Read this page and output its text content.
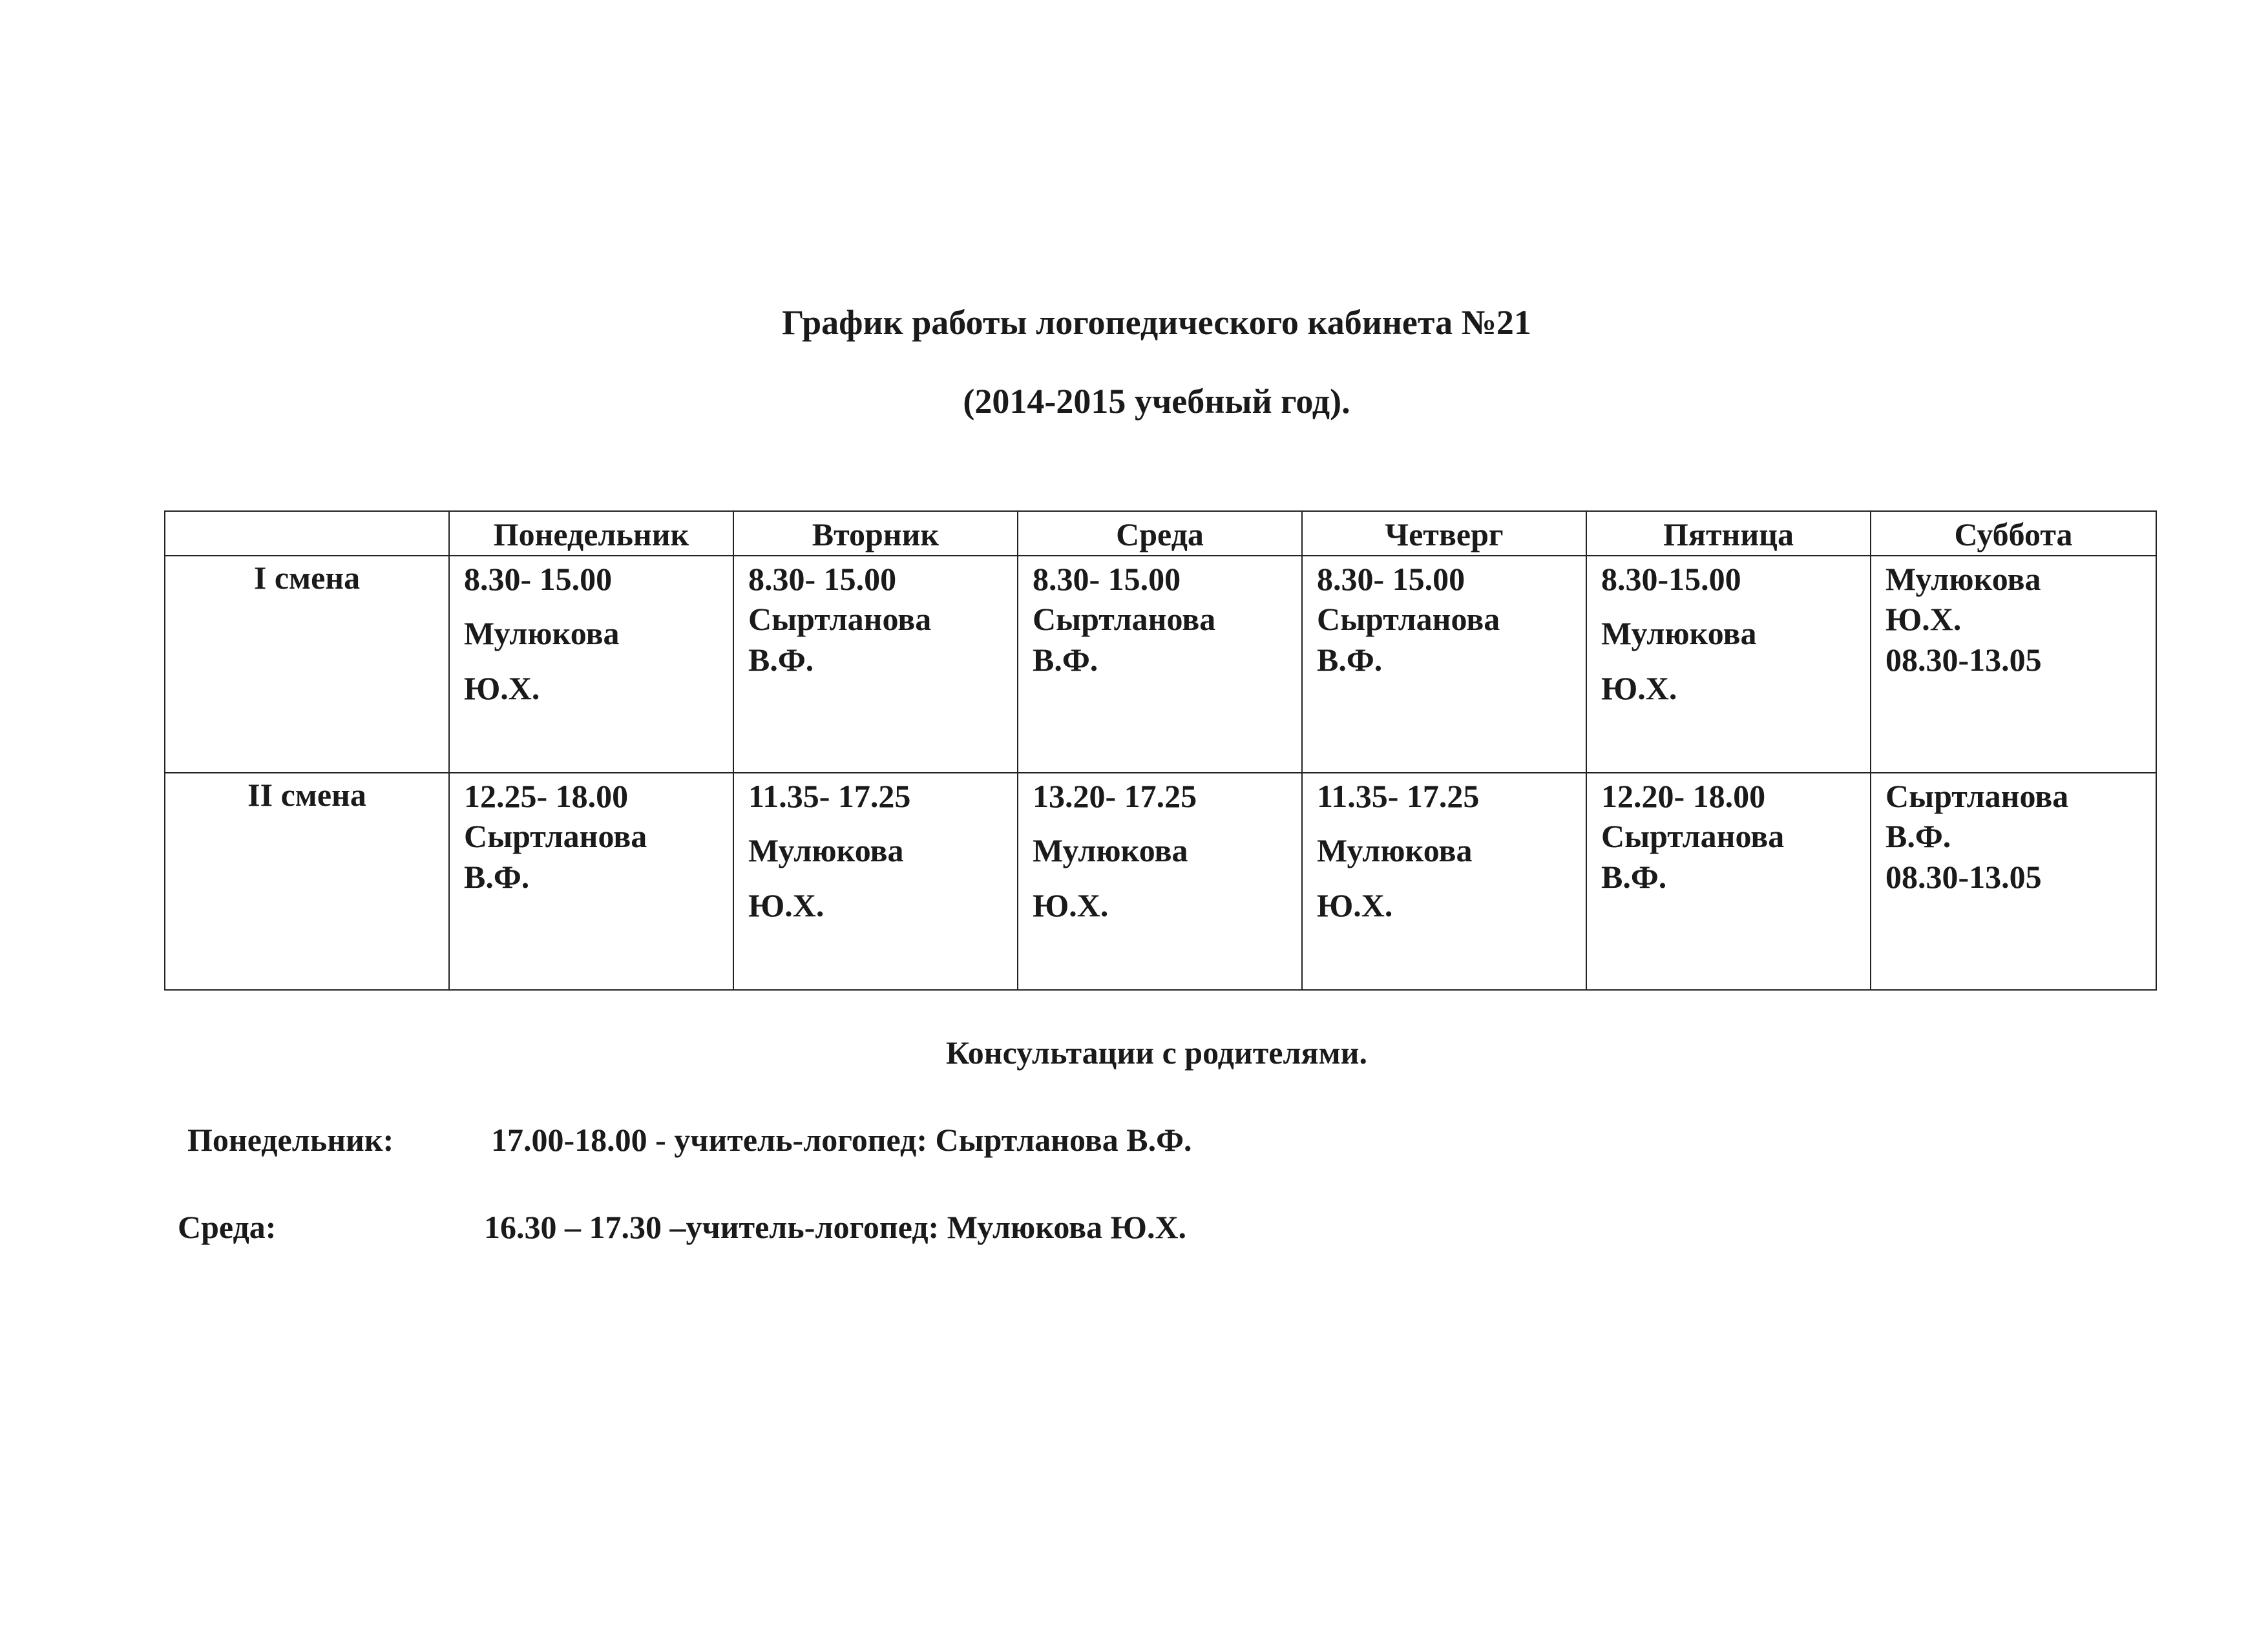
График работы логопедического кабинета №21
(2014-2015 учебный год).
	Понедельник	Вторник	Среда	Четверг	Пятница	Суббота
I смена	8.30- 15.00
Мулюкова
Ю.Х.	8.30- 15.00
Сыртланова
В.Ф.	8.30- 15.00
Сыртланова
В.Ф.	8.30- 15.00
Сыртланова
В.Ф.	8.30-15.00
Мулюкова
Ю.Х.	Мулюкова
Ю.Х.
08.30-13.05

II смена	12.25- 18.00
Сыртланова
В.Ф.	11.35- 17.25
Мулюкова
Ю.Х.	13.20- 17.25
Мулюкова
Ю.Х.	11.35- 17.25
Мулюкова
Ю.Х.	12.20- 18.00
Сыртланова
В.Ф.	Сыртланова
В.Ф.
08.30-13.05
Консультации с родителями.
Понедельник:	17.00-18.00 - учитель-логопед: Сыртланова В.Ф.
Среда:	16.30 – 17.30 –учитель-логопед: Мулюкова Ю.Х.
